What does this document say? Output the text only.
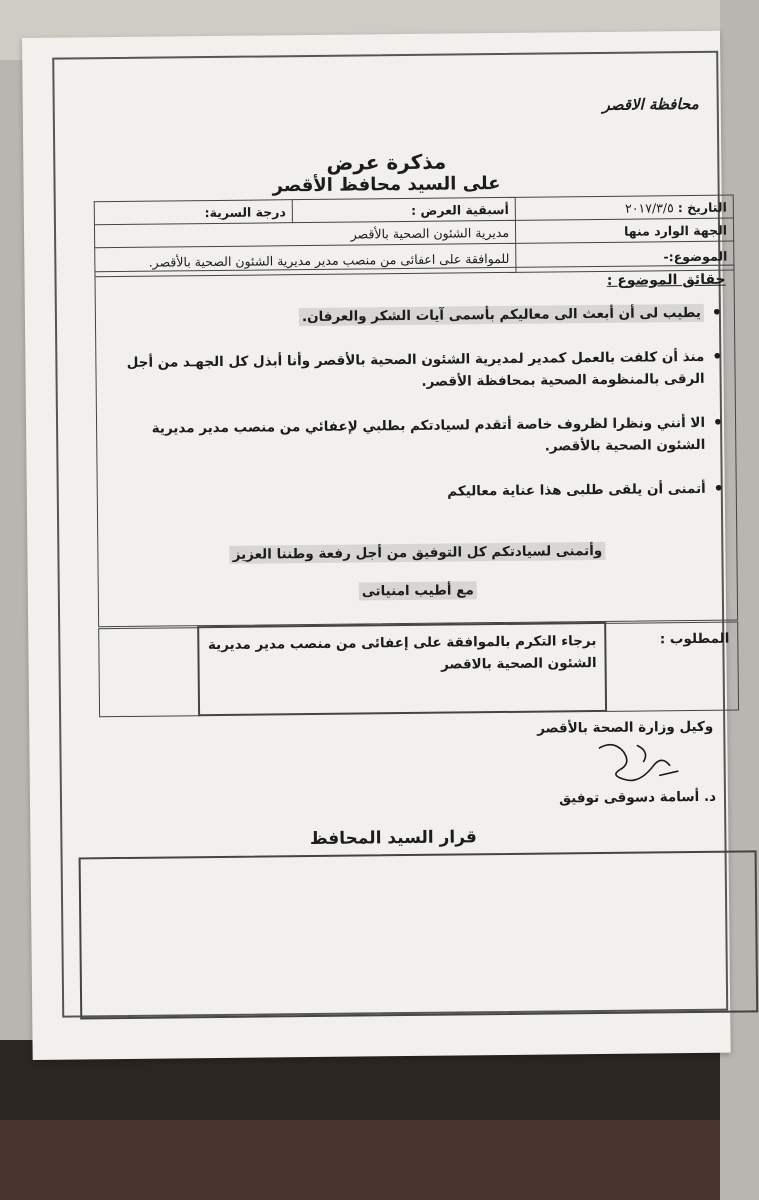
محافظة الاقصر
مذكرة عرض
على السيد محافظ الأقصر
التاريخ : ٢٠١٧/٣/٥	أسبقية العرض :	درجة السرية:
الجهة الوارد منها	مديرية الشئون الصحية بالأقصر	
الموضوع:-	للموافقة على اعفائى من منصب مدير مديرية الشئون الصحية بالأقصر.	
حقائق الموضوع :
•
يطيب لى أن أبعث الى معاليكم بأسمى آيات الشكر والعرفان.
•
منذ أن كلفت بالعمل كمدير لمديرية الشئون الصحية بالأقصر وأنا أبذل كل الجهـد من أجل الرقى بالمنظومة الصحية بمحافظة الأقصر.
•
الا أنني ونظرا لظروف خاصة أتقدم لسيادتكم بطلبي لإعفائي من منصب مدير مديرية الشئون الصحية بالأقصر.
•
أتمنى أن يلقى طلبى هذا عناية معاليكم
وأتمنى لسيادتكم كل التوفيق من أجل رفعة وطننا العزيز
مع أطيب امنياتى
المطلوب :	برجاء التكرم بالموافقة على إعفائى من منصب مدير مديرية الشئون الصحية بالاقصر	
وكيل وزارة الصحة بالأقصر
د. أسامة دسوقى توفيق
قرار السيد المحافظ
